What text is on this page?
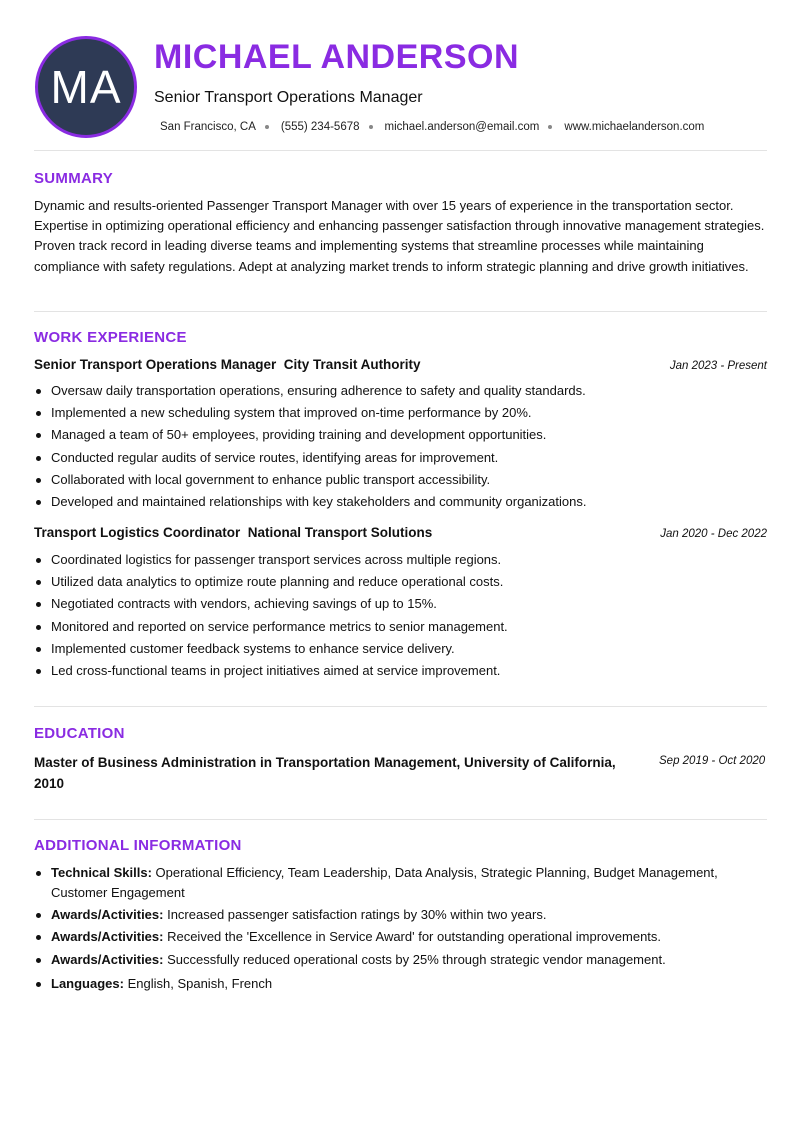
MA
MICHAEL ANDERSON
Senior Transport Operations Manager
San Francisco, CA (555) 234-5678 michael.anderson@email.com www.michaelanderson.com
SUMMARY

Dynamic and results-oriented Passenger Transport Manager with over 15 years of experience in the transportation sector. Expertise in optimizing operational efficiency and enhancing passenger satisfaction through innovative management strategies. Proven track record in leading diverse teams and implementing systems that streamline processes while maintaining compliance with safety regulations. Adept at analyzing market trends to inform strategic planning and drive growth initiatives.

WORK EXPERIENCE
Senior Transport Operations Manager  City Transit Authority	Jan 2023 - Present
Oversaw daily transportation operations, ensuring adherence to safety and quality standards.
Implemented a new scheduling system that improved on-time performance by 20%.
Managed a team of 50+ employees, providing training and development opportunities.
Conducted regular audits of service routes, identifying areas for improvement.
Collaborated with local government to enhance public transport accessibility.
Developed and maintained relationships with key stakeholders and community organizations.
Transport Logistics Coordinator  National Transport Solutions	Jan 2020 - Dec 2022
Coordinated logistics for passenger transport services across multiple regions.
Utilized data analytics to optimize route planning and reduce operational costs.
Negotiated contracts with vendors, achieving savings of up to 15%.
Monitored and reported on service performance metrics to senior management.
Implemented customer feedback systems to enhance service delivery.
Led cross-functional teams in project initiatives aimed at service improvement.
EDUCATION
Master of Business Administration in Transportation Management, University of California, 2010
Sep 2019 - Oct 2020
ADDITIONAL INFORMATION
Technical Skills: Operational Efficiency, Team Leadership, Data Analysis, Strategic Planning, Budget Management, Customer Engagement
Awards/Activities: Increased passenger satisfaction ratings by 30% within two years.
Awards/Activities: Received the 'Excellence in Service Award' for outstanding operational improvements.
Awards/Activities: Successfully reduced operational costs by 25% through strategic vendor management.
Languages: English, Spanish, French
